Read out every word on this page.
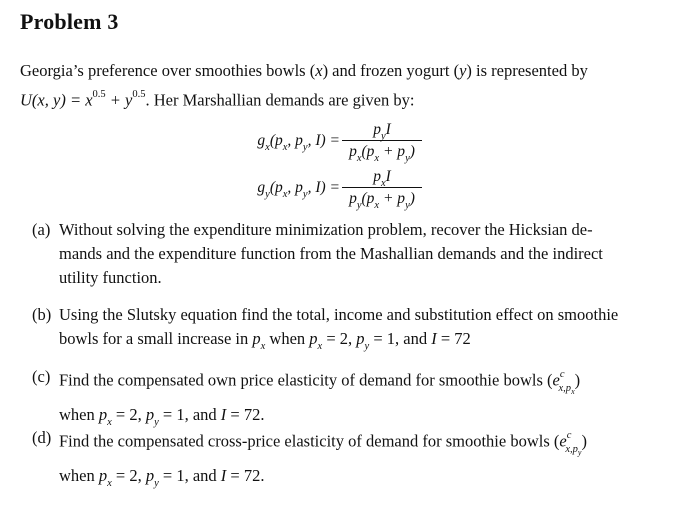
Problem 3
Georgia’s preference over smoothies bowls (x) and frozen yogurt (y) is represented by
U(x, $y) = x^{0.5} + y^{0.5}$. Her Marshallian demands are given by:
$g_x(p_x$, $p_y$, I) =
$p_yI$
$p_x(p_x + p_y)$
$g_y(p_x$, $p_y$, I) =
$p_xI$
$p_y(p_x + p_y)$
(a) Without solving the expenditure minimization problem, recover the Hicksian de-
mands and the expenditure function from the Mashallian demands and the indirect
utility function.
(b) Using the Slutsky equation find the total, income and substitution effect on smoothie
bowls for a small increase in $p_x$ when $p_x = 2$, $p_y = 1$, and I = 72
(c) Find the compensated own price elasticity of demand for smoothie bowls $(e^c_{x,p_x})$
when $p_x = 2$, $p_y = 1$, and I = 72.
(d) Find the compensated cross-price elasticity of demand for smoothie bowls $(e^c_{x,p_y})$
when $p_x = 2$, $p_y = 1$, and I = 72.
